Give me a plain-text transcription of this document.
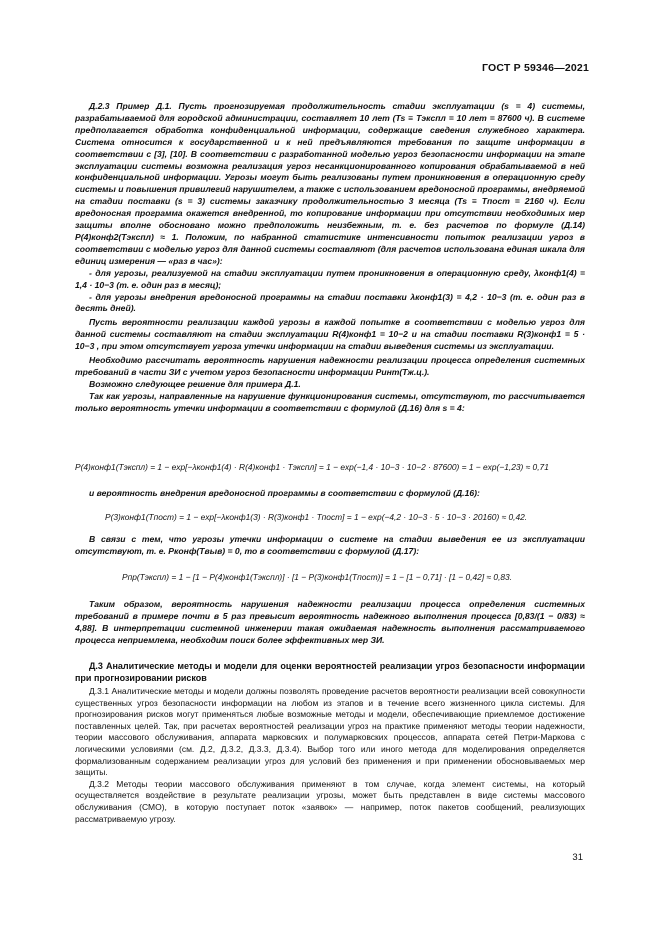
ГОСТ Р 59346—2021

Д.2.3 Пример Д.1. Пусть прогнозируемая продолжительность стадии эксплуатации (s = 4) системы, разрабатываемой для городской администрации, составляет 10 лет (Ts ≡ Tэкспл = 10 лет = 87600 ч). В системе предполагается обработка конфиденциальной информации, содержащие сведения служебного характера. Система относится к государственной и к ней предъявляются требования по защите информации в соответствии с [3], [10]. В соответствии с разработанной моделью угроз безопасности информации на этапе эксплуатации системы возможна реализация угроз несанкционированного копирования обрабатываемой в ней конфиденциальной информации. Угрозы могут быть реализованы путем проникновения в операционную среду системы и повышения привилегий нарушителем, а также с использованием вредоносной программы, внедряемой на стадии поставки (s = 3) системы заказчику продолжительностью 3 месяца (Ts ≡ Tпост = 2160 ч). Если вредоносная программа окажется внедренной, то копирование информации при отсутствии необходимых мер защиты вполне обосновано можно предположить неизбежным, т. е. без расчетов по формуле (Д.14) P(4)конф2(Tэкспл) ≈ 1. Положим, по набранной статистике интенсивности попыток реализации угроз в соответствии с моделью угроз для данной системы составляют (для расчетов использована единая шкала для единиц измерения — «раз в час»):

- для угрозы, реализуемой на стадии эксплуатации путем проникновения в операционную среду, λконф1(4) = 1,4 · 10−3 (т. е. один раз в месяц);

- для угрозы внедрения вредоносной программы на стадии поставки λконф1(3) = 4,2 · 10−3 (т. е. один раз в десять дней).

Пусть вероятности реализации каждой угрозы в каждой попытке в соответствии с моделью угроз для данной системы составляют на стадии эксплуатации R(4)конф1 = 10−2 и на стадии поставки R(3)конф1 = 5 · 10−3 , при этом отсутствует угроза утечки информации на стадии выведения системы из эксплуатации.

Необходимо рассчитать вероятность нарушения надежности реализации процесса определения системных требований в части ЗИ с учетом угроз безопасности информации Pинт(Tж.ц.).

Возможно следующее решение для примера Д.1.

Так как угрозы, направленные на нарушение функционирования системы, отсутствуют, то рассчитывается только вероятность утечки информации в соответствии с формулой (Д.16) для s = 4:

P(4)конф1(Tэкспл) = 1 − exp[−λконф1(4) · R(4)конф1 · Tэкспл] = 1 − exp(−1,4 · 10−3 · 10−2 · 87600) = 1 − exp(−1,23) ≈ 0,71

и вероятность внедрения вредоносной программы в соответствии с формулой (Д.16):

P(3)конф1(Tпост) = 1 − exp[−λконф1(3) · R(3)конф1 · Tпост] = 1 − exp(−4,2 · 10−3 · 5 · 10−3 · 20160) ≈ 0,42.

В связи с тем, что угрозы утечки информации о системе на стадии выведения ее из эксплуатации отсутствуют, т. е. Pконф(Tвыв) = 0, то в соответствии с формулой (Д.17):

Pпр(Tэкспл) = 1 − [1 − P(4)конф1(Tэкспл)] · [1 − P(3)конф1(Tпост)] = 1 − [1 − 0,71] · [1 − 0,42] ≈ 0,83.

Таким образом, вероятность нарушения надежности реализации процесса определения системных требований в примере почти в 5 раз превысит вероятность надежного выполнения процесса [0,83/(1 − 0/83) ≈ 4,88]. В интерпретации системной инженерии такая ожидаемая надежность выполнения рассматриваемого процесса неприемлема, необходим поиск более эффективных мер ЗИ.

Д.3 Аналитические методы и модели для оценки вероятностей реализации угроз безопасности информации при прогнозировании рисков

Д.3.1 Аналитические методы и модели должны позволять проведение расчетов вероятности реализации всей совокупности существенных угроз безопасности информации на любом из этапов и в течение всего жизненного цикла системы. Для прогнозирования рисков могут применяться любые возможные методы и модели, обеспечивающие приемлемое достижение поставленных целей. Так, при расчетах вероятностей реализации угроз на практике применяют методы теории надежности, теории массового обслуживания, аппарата марковских и полумарковских процессов, аппарата сетей Петри-Маркова с логическими условиями (см. Д.2, Д.3.2, Д.3.3, Д.3.4). Выбор того или иного метода для моделирования определяется формализованным содержанием реализации угроз для условий без применения и при применении обосновываемых мер защиты.

Д.3.2 Методы теории массового обслуживания применяют в том случае, когда элемент системы, на который осуществляется воздействие в результате реализации угрозы, может быть представлен в виде системы массового обслуживания (СМО), в которую поступает поток «заявок» — например, поток пакетов сообщений, реализующих рассматриваемую угрозу.

31
